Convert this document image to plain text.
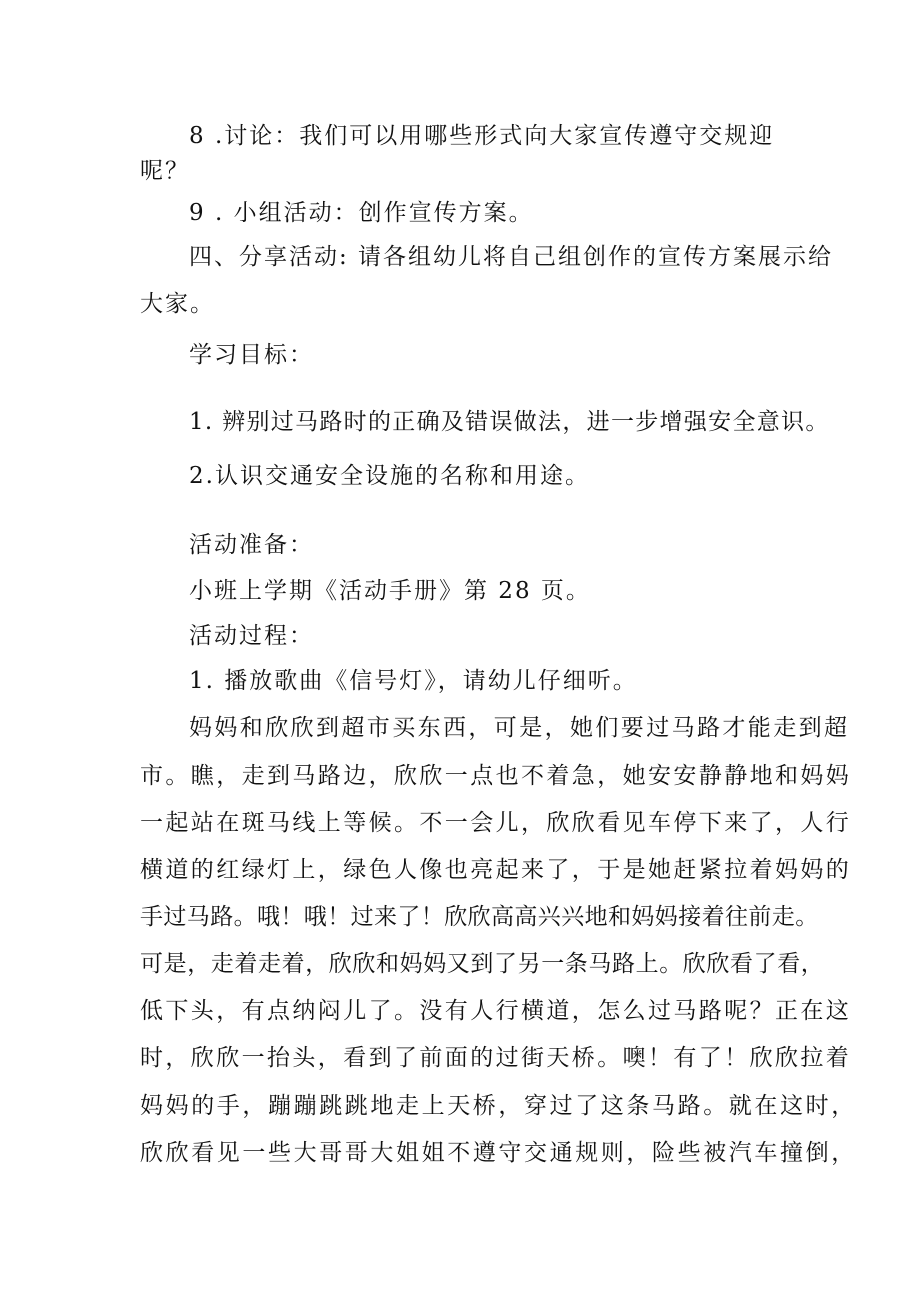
8 .讨论：我们可以用哪些形式向大家宣传遵守交规迎
呢？
9 . 小组活动：创作宣传方案。
四、分享活动: 请各组幼儿将自己组创作的宣传方案展示给
大家。
学习目标：
1. 辨别过马路时的正确及错误做法，进一步增强安全意识。
2.认识交通安全设施的名称和用途。
活动准备：
小班上学期《活动手册》第 28 页。
活动过程：
1. 播放歌曲《信号灯》，请幼儿仔细听。
妈妈和欣欣到超市买东西，可是，她们要过马路才能走到超
市。瞧，走到马路边，欣欣一点也不着急，她安安静静地和妈妈
一起站在斑马线上等候。不一会儿，欣欣看见车停下来了，人行
横道的红绿灯上，绿色人像也亮起来了，于是她赶紧拉着妈妈的
手过马路。哦！哦！过来了！欣欣高高兴兴地和妈妈接着往前走。
可是，走着走着，欣欣和妈妈又到了另一条马路上。欣欣看了看，
低下头，有点纳闷儿了。没有人行横道，怎么过马路呢？正在这
时，欣欣一抬头，看到了前面的过街天桥。噢！有了！欣欣拉着
妈妈的手，蹦蹦跳跳地走上天桥，穿过了这条马路。就在这时，
欣欣看见一些大哥哥大姐姐不遵守交通规则，险些被汽车撞倒，
